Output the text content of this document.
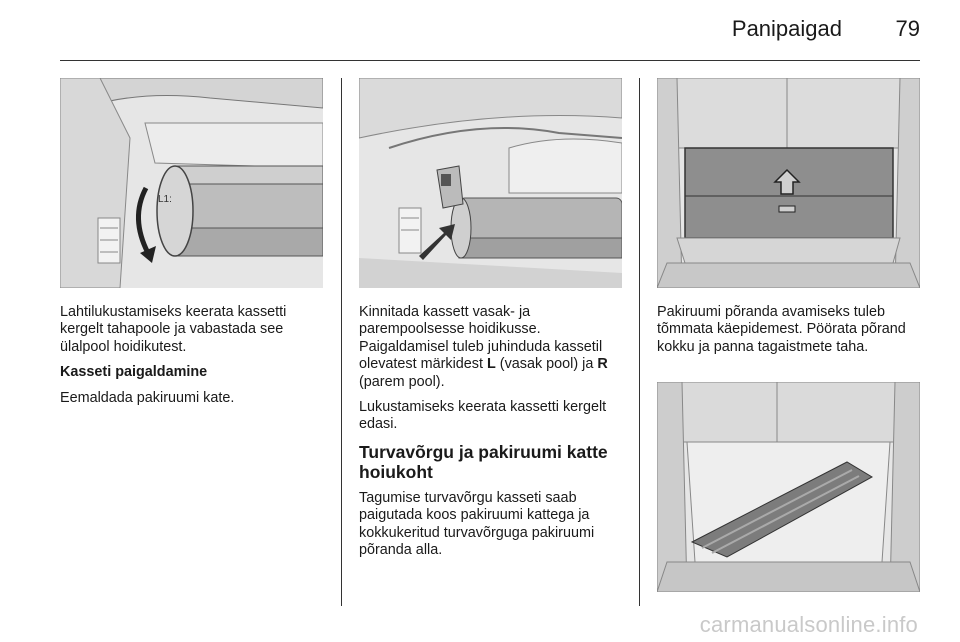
Panipaigad 79
L1:

Lahtilukustamiseks keerata kassetti kergelt tahapoole ja vabastada see ülalpool hoidikutest.

Kasseti paigaldamine

Eemaldada pakiruumi kate.

Kinnitada kassett vasak- ja parempoolsesse hoidikusse. Paigaldamisel tuleb juhinduda kassetil olevatest märkidest L (vasak pool) ja R (parem pool).

Lukustamiseks keerata kassetti kergelt edasi.

Turvavõrgu ja pakiruumi katte hoiukoht

Tagumise turvavõrgu kasseti saab paigutada koos pakiruumi kattega ja kokkukeritud turvavõrguga pakiruumi põranda alla.

Pakiruumi põranda avamiseks tuleb tõmmata käepidemest. Pöörata põrand kokku ja panna tagaistmete taha.

carmanualsonline.info
